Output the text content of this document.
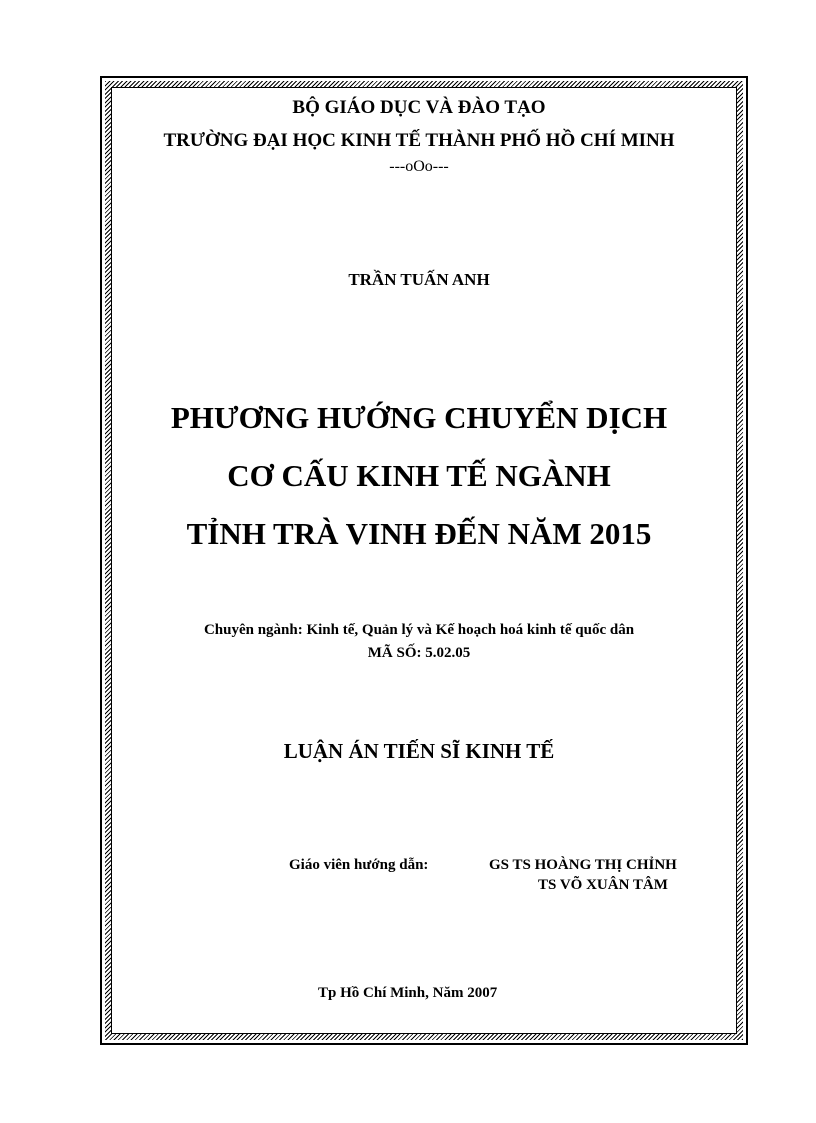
BỘ GIÁO DỤC VÀ ĐÀO TẠO

TRƯỜNG ĐẠI HỌC KINH TẾ THÀNH PHỐ HỒ CHÍ MINH

---oOo---

TRẦN TUẤN ANH

PHƯƠNG HƯỚNG CHUYỂN DỊCH

CƠ CẤU KINH TẾ NGÀNH

TỈNH TRÀ VINH ĐẾN NĂM 2015

Chuyên ngành: Kinh tế, Quản lý và Kế hoạch hoá kinh tế quốc dân

MÃ SỐ: 5.02.05

LUẬN ÁN TIẾN SĨ KINH TẾ

Giáo viên hướng dẫn:	GS TS HOÀNG THỊ CHỈNH
TS VÕ XUÂN TÂM
Tp Hồ Chí Minh, Năm 2007
